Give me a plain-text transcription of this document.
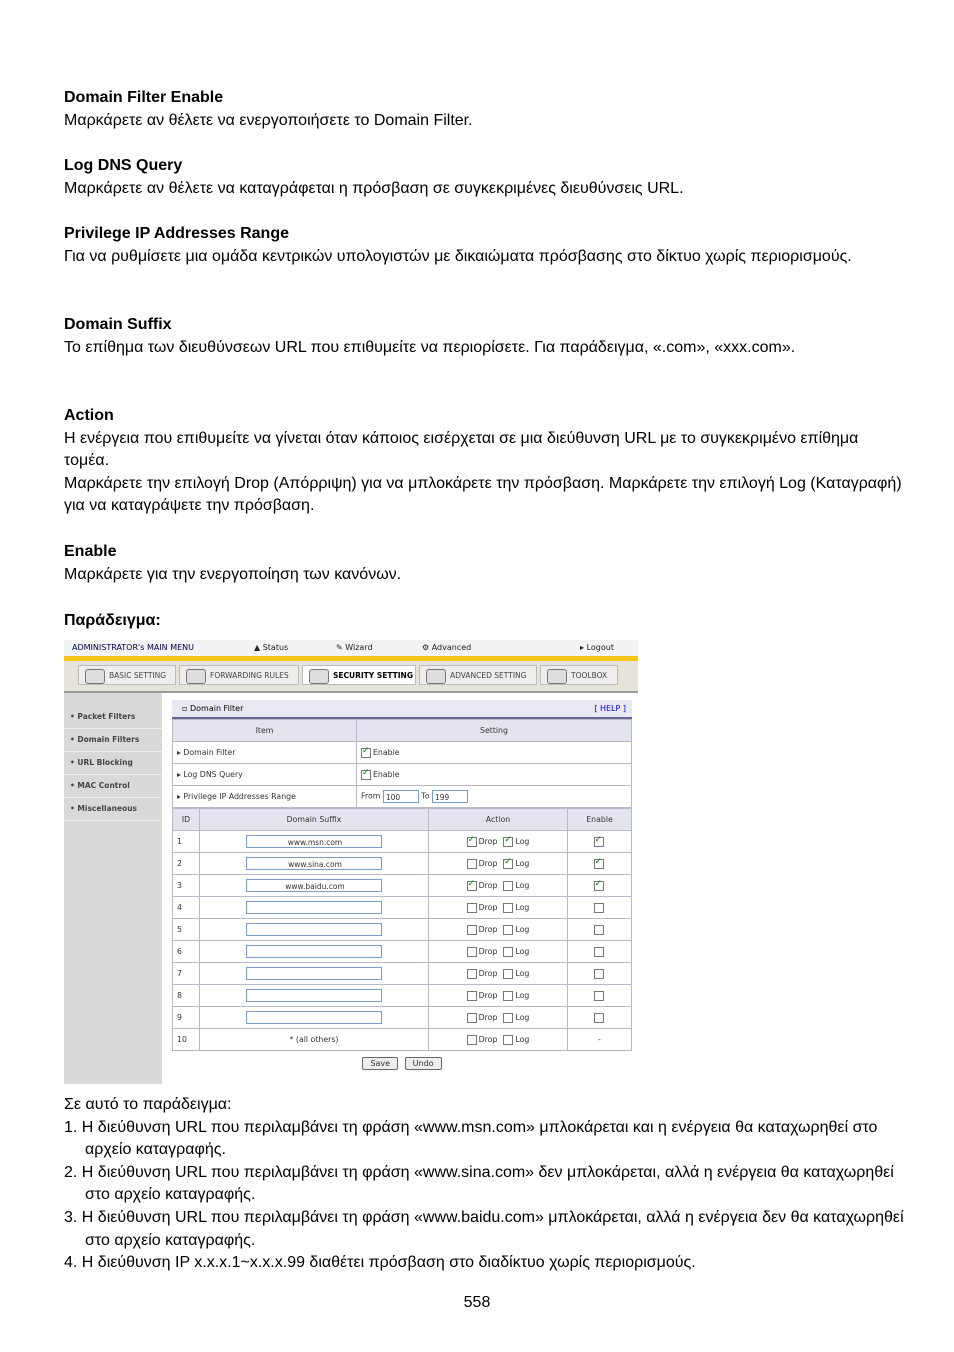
Domain Filter Enable

Μαρκάρετε αν θέλετε να ενεργοποιήσετε το Domain Filter.

Log DNS Query

Μαρκάρετε αν θέλετε να καταγράφεται η πρόσβαση σε συγκεκριμένες διευθύνσεις URL.

Privilege IP Addresses Range

Για να ρυθμίσετε μια ομάδα κεντρικών υπολογιστών με δικαιώματα πρόσβασης στο δίκτυο χωρίς περιορισμούς.

Domain Suffix

Το επίθημα των διευθύνσεων URL που επιθυμείτε να περιορίσετε. Για παράδειγμα, «.com», «xxx.com».

Action

Η ενέργεια που επιθυμείτε να γίνεται όταν κάποιος εισέρχεται σε μια διεύθυνση URL με το συγκεκριμένο επίθημα τομέα.

Μαρκάρετε την επιλογή Drop (Απόρριψη) για να μπλοκάρετε την πρόσβαση. Μαρκάρετε την επιλογή Log (Καταγραφή) για να καταγράψετε την πρόσβαση.

Enable

Μαρκάρετε για την ενεργοποίηση των κανόνων.

Παράδειγμα:

ADMINISTRATOR's MAIN MENU	▲ Status	✎ Wizard	⚙ Advanced	▸ Logout
BASIC SETTING	FORWARDING RULES	SECURITY SETTING	ADVANCED SETTING	TOOLBOX
• Packet Filters
• Domain Filters
• URL Blocking
• MAC Control
• Miscellaneous
▫ Domain Filter	[ HELP ]
Item	Setting
▸ Domain Filter	✓Enable
▸ Log DNS Query	✓Enable
▸ Privilege IP Addresses Range	From 100 To 199
ID	Domain Suffix	Action	Enable
1	www.msn.com	✓Drop ✓ Log	✓
2	www.sina.com	Drop ✓ Log	✓
3	www.baidu.com	✓Drop Log	✓
4		Drop Log	
5		Drop Log	
6		Drop Log	
7		Drop Log	
8		Drop Log	
9		Drop Log	
10	* (all others)	Drop Log	-
Save	Undo

Σε αυτό το παράδειγμα:

1. Η διεύθυνση URL που περιλαμβάνει τη φράση «www.msn.com» μπλοκάρεται και η ενέργεια θα καταχωρηθεί στο αρχείο καταγραφής.

2. Η διεύθυνση URL που περιλαμβάνει τη φράση «www.sina.com» δεν μπλοκάρεται, αλλά η ενέργεια θα καταχωρηθεί στο αρχείο καταγραφής.

3. Η διεύθυνση URL που περιλαμβάνει τη φράση «www.baidu.com» μπλοκάρεται, αλλά η ενέργεια δεν θα καταχωρηθεί στο αρχείο καταγραφής.

4. Η διεύθυνση IP x.x.x.1~x.x.x.99 διαθέτει πρόσβαση στο διαδίκτυο χωρίς περιορισμούς.

558
